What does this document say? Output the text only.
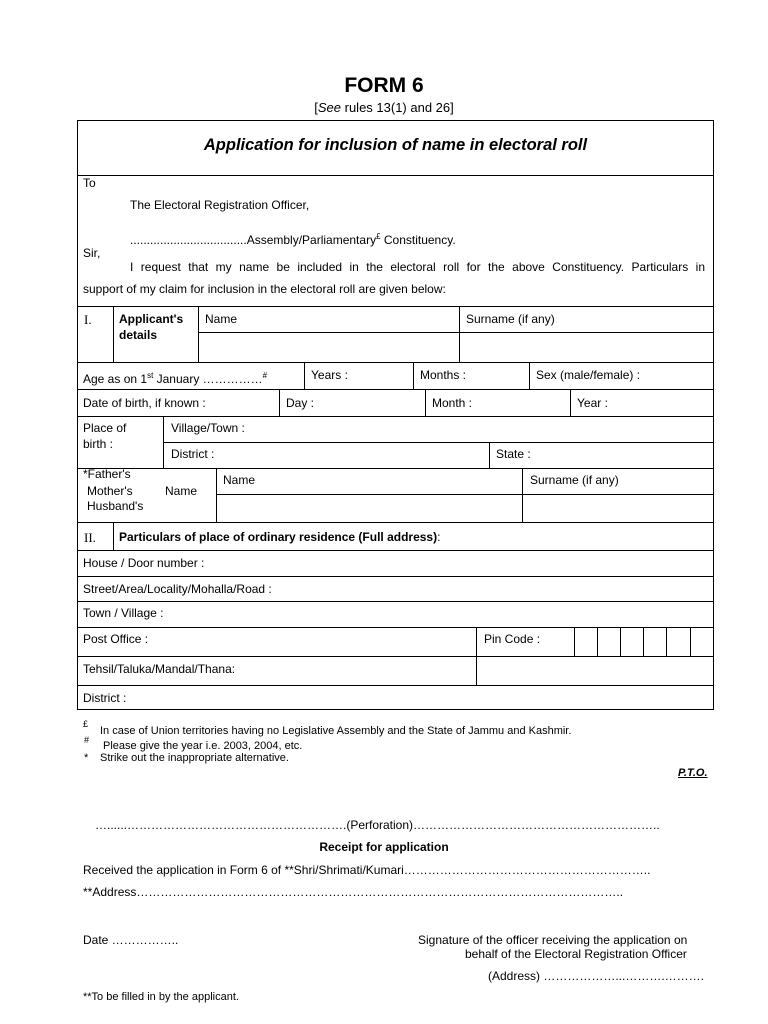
FORM 6
[See rules 13(1) and 26]
Application for inclusion of name in electoral roll
To
The Electoral Registration Officer,
...................................Assembly/Parliamentary£ Constituency.
Sir,
I request that my name be included in the electoral roll for the above Constituency. Particulars in
support of my claim for inclusion in the electoral roll are given below:
I. Applicant's
details
Name	Surname (if any)
Age as on 1st January ……………#	Years :	Months :	Sex (male/female) :
Date of birth, if known :	Day :	Month :	Year :
Place of
birth :
Village/Town :
District :	State :
*Father's
Mother's	Name
Husband's
Name	Surname (if any)
II. Particulars of place of ordinary residence (Full address):
House / Door number :
Street/Area/Locality/Mohalla/Road :
Town / Village :
Post Office :	Pin Code :
Tehsil/Taluka/Mandal/Thana:
District :
£
In case of Union territories having no Legislative Assembly and the State of Jammu and Kashmir.
# Please give the year i.e. 2003, 2004, etc.
* Strike out the inappropriate alternative.
P.T.O.
…......……………………………………………….(Perforation)……………………………………………………..
Receipt for application
Received the application in Form 6 of **Shri/Shrimati/Kumari……………………………………………………..
**Address…………………………………………………………………………………………………………..
Date ……………..	Signature of the officer receiving the application on
behalf of the Electoral Registration Officer
(Address) ………………...……….……….
**To be filled in by the applicant.
